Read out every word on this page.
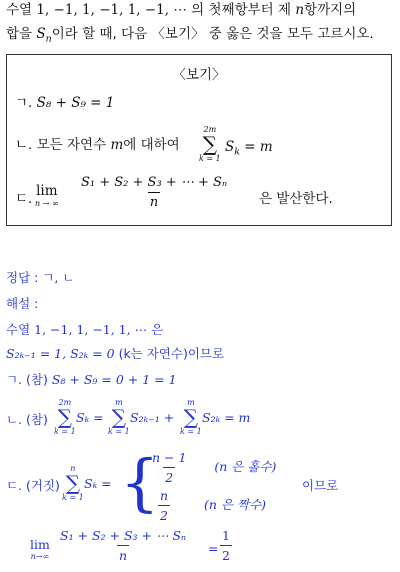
수열 1, −1, 1, −1, 1, −1, ⋯ 의 첫째항부터 제 n항까지의
합을 $S_n$이라 할 때, 다음 〈보기〉 중 옳은 것을 모두 고르시오.
〈보기〉
ㄱ. S₈ + S₉ = 1
ㄴ. 모든 자연수 m에 대하여
2m
∑
k = 1
$S_k = m$
ㄷ. lim
n → ∞ $\frac{\text{S₁ + S₂ + S₃ + ⋯ + Sₙ}}{n}$ 은 발산한다.
정답 : ㄱ, ㄴ
해설 :
수열 1, −1, 1, −1, 1, ⋯ 은
S₂ₖ₋₁ = 1, S₂ₖ = 0 (k는 자연수)이므로
ㄱ. (참) S₈ + S₉ = 0 + 1 = 1
ㄴ. (참)
2m
∑
k = 1
Sₖ =
m
∑
k = 1
S₂ₖ₋₁ +
m
∑
k = 1
S₂ₖ = m
ㄷ. (거짓)
n
∑
k = 1
Sₖ = {
$\frac{n - 1}{2} (n$ 은 홀수)
$\frac{n}{2}$	(n 은 짝수)
이므로
lim
$n\to\infty \frac{\text{S₁ + S₂ + S₃ + ⋯ Sₙ}}{n} = \frac{1}{2}$
